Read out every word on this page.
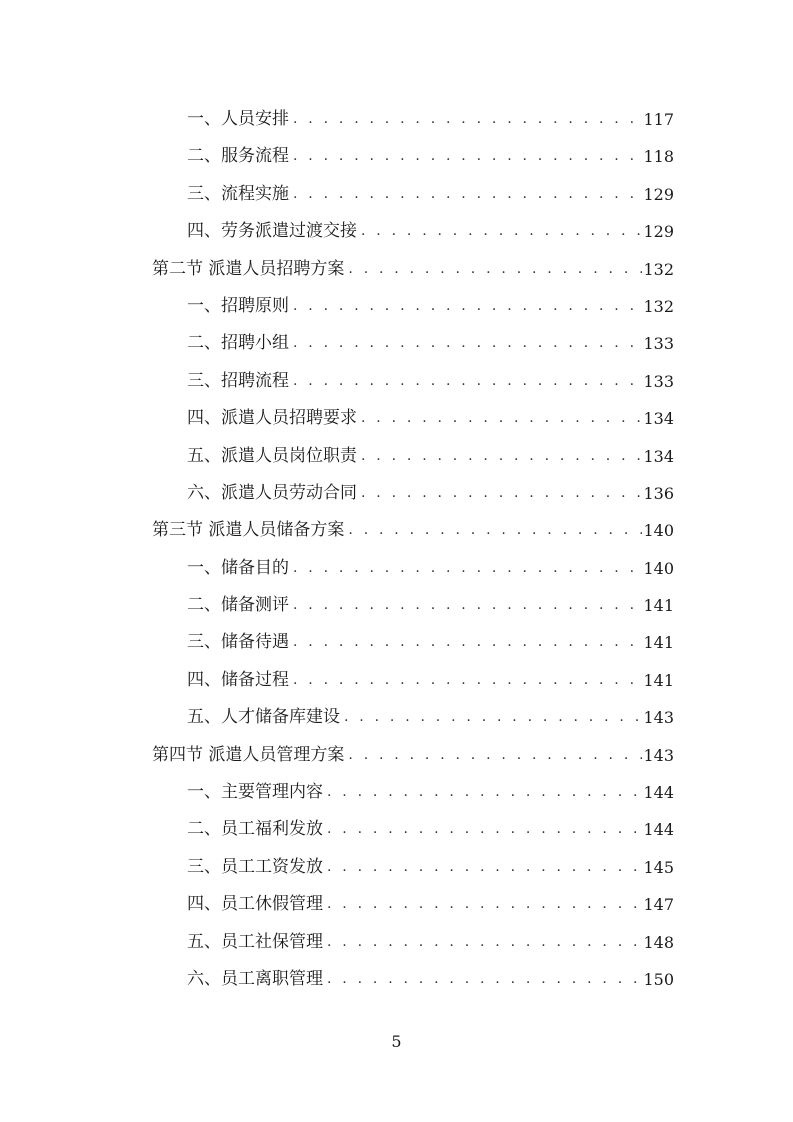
一、人员安排 . . .	117
二、服务流程 . . .	118
三、流程实施 . . .	129
四、劳务派遣过渡交接 . . .	129
第二节 派遣人员招聘方案 . . .	132
一、招聘原则 . . .	132
二、招聘小组 . . .	133
三、招聘流程 . . .	133
四、派遣人员招聘要求 . . .	134
五、派遣人员岗位职责 . . .	134
六、派遣人员劳动合同 . . .	136
第三节 派遣人员储备方案 . . .	140
一、储备目的 . . .	140
二、储备测评 . . .	141
三、储备待遇 . . .	141
四、储备过程 . . .	141
五、人才储备库建设 . . .	143
第四节 派遣人员管理方案 . . .	143
一、主要管理内容 . . .	144
二、员工福利发放 . . .	144
三、员工工资发放 . . .	145
四、员工休假管理 . . .	147
五、员工社保管理 . . .	148
六、员工离职管理 . . .	150
5
